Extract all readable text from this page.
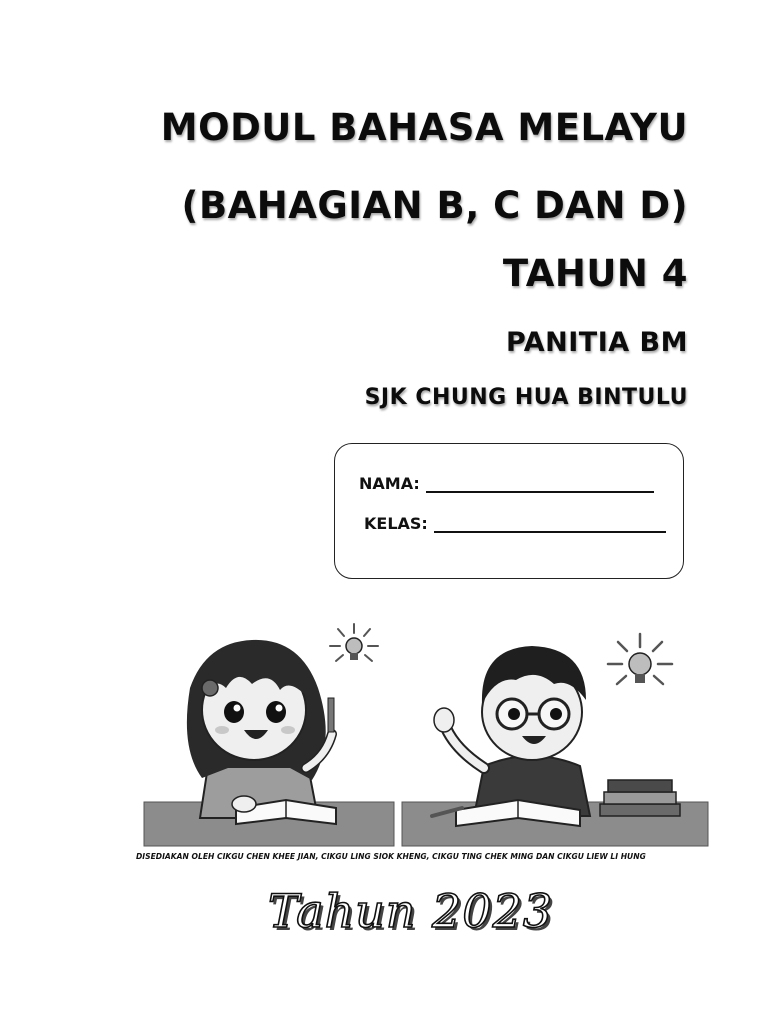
MODUL BAHASA MELAYU
(BAHAGIAN B, C DAN D)
TAHUN 4
PANITIA BM
SJK CHUNG HUA BINTULU
NAMA:
KELAS:
DISEDIAKAN OLEH CIKGU CHEN KHEE JIAN, CIKGU LING SIOK KHENG, CIKGU TING CHEK MING DAN CIKGU LIEW LI HUNG
Tahun 2023
